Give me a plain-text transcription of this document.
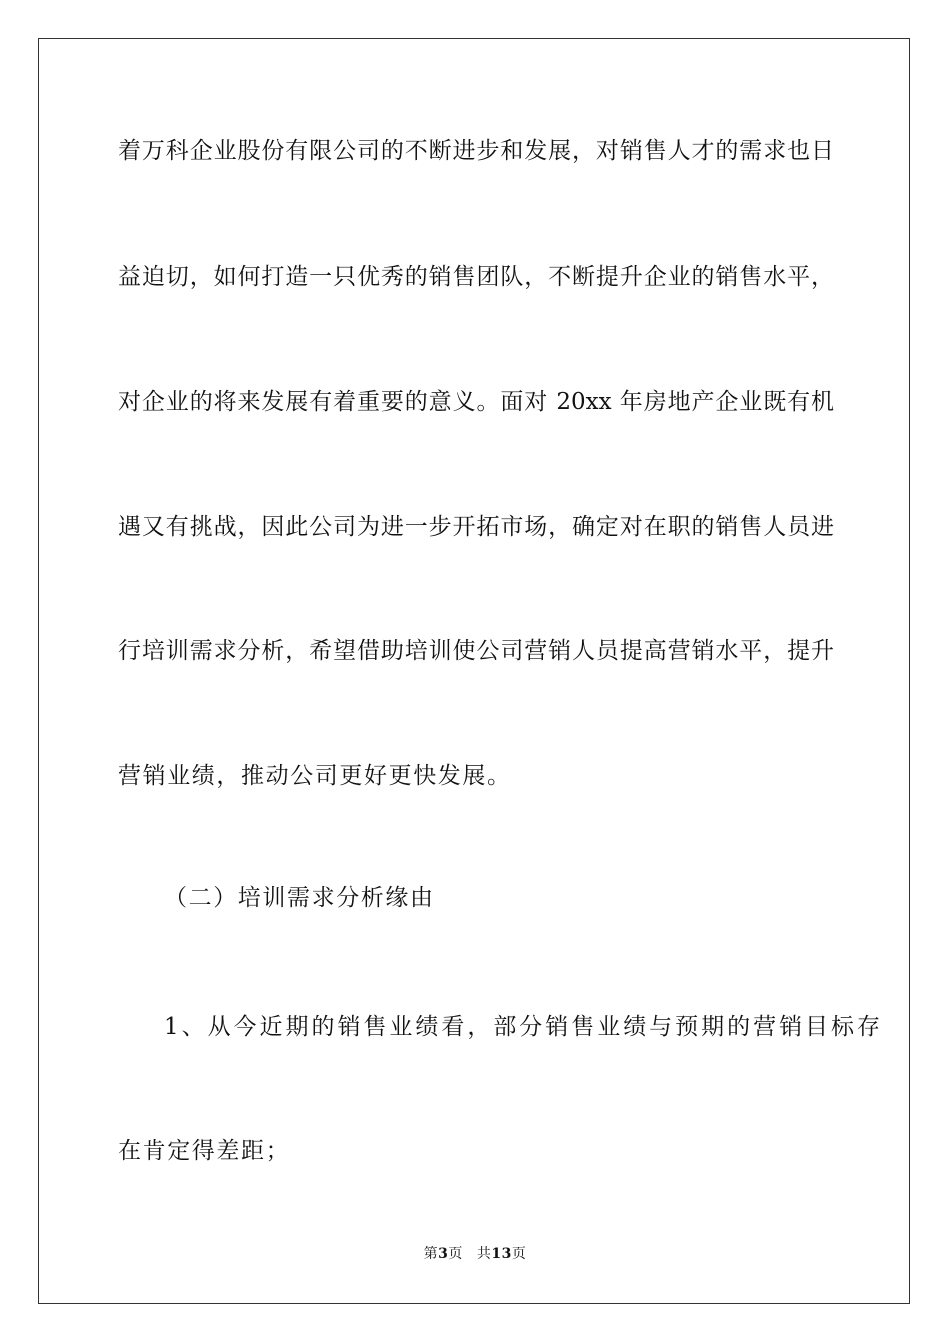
着万科企业股份有限公司的不断进步和发展，对销售人才的需求也日
益迫切，如何打造一只优秀的销售团队，不断提升企业的销售水平，
对企业的将来发展有着重要的意义。面对 20xx 年房地产企业既有机
遇又有挑战，因此公司为进一步开拓市场，确定对在职的销售人员进
行培训需求分析，希望借助培训使公司营销人员提高营销水平，提升
营销业绩，推动公司更好更快发展。
（二）培训需求分析缘由
1、从今近期的销售业绩看，部分销售业绩与预期的营销目标存
在肯定得差距；
第3页 共13页
